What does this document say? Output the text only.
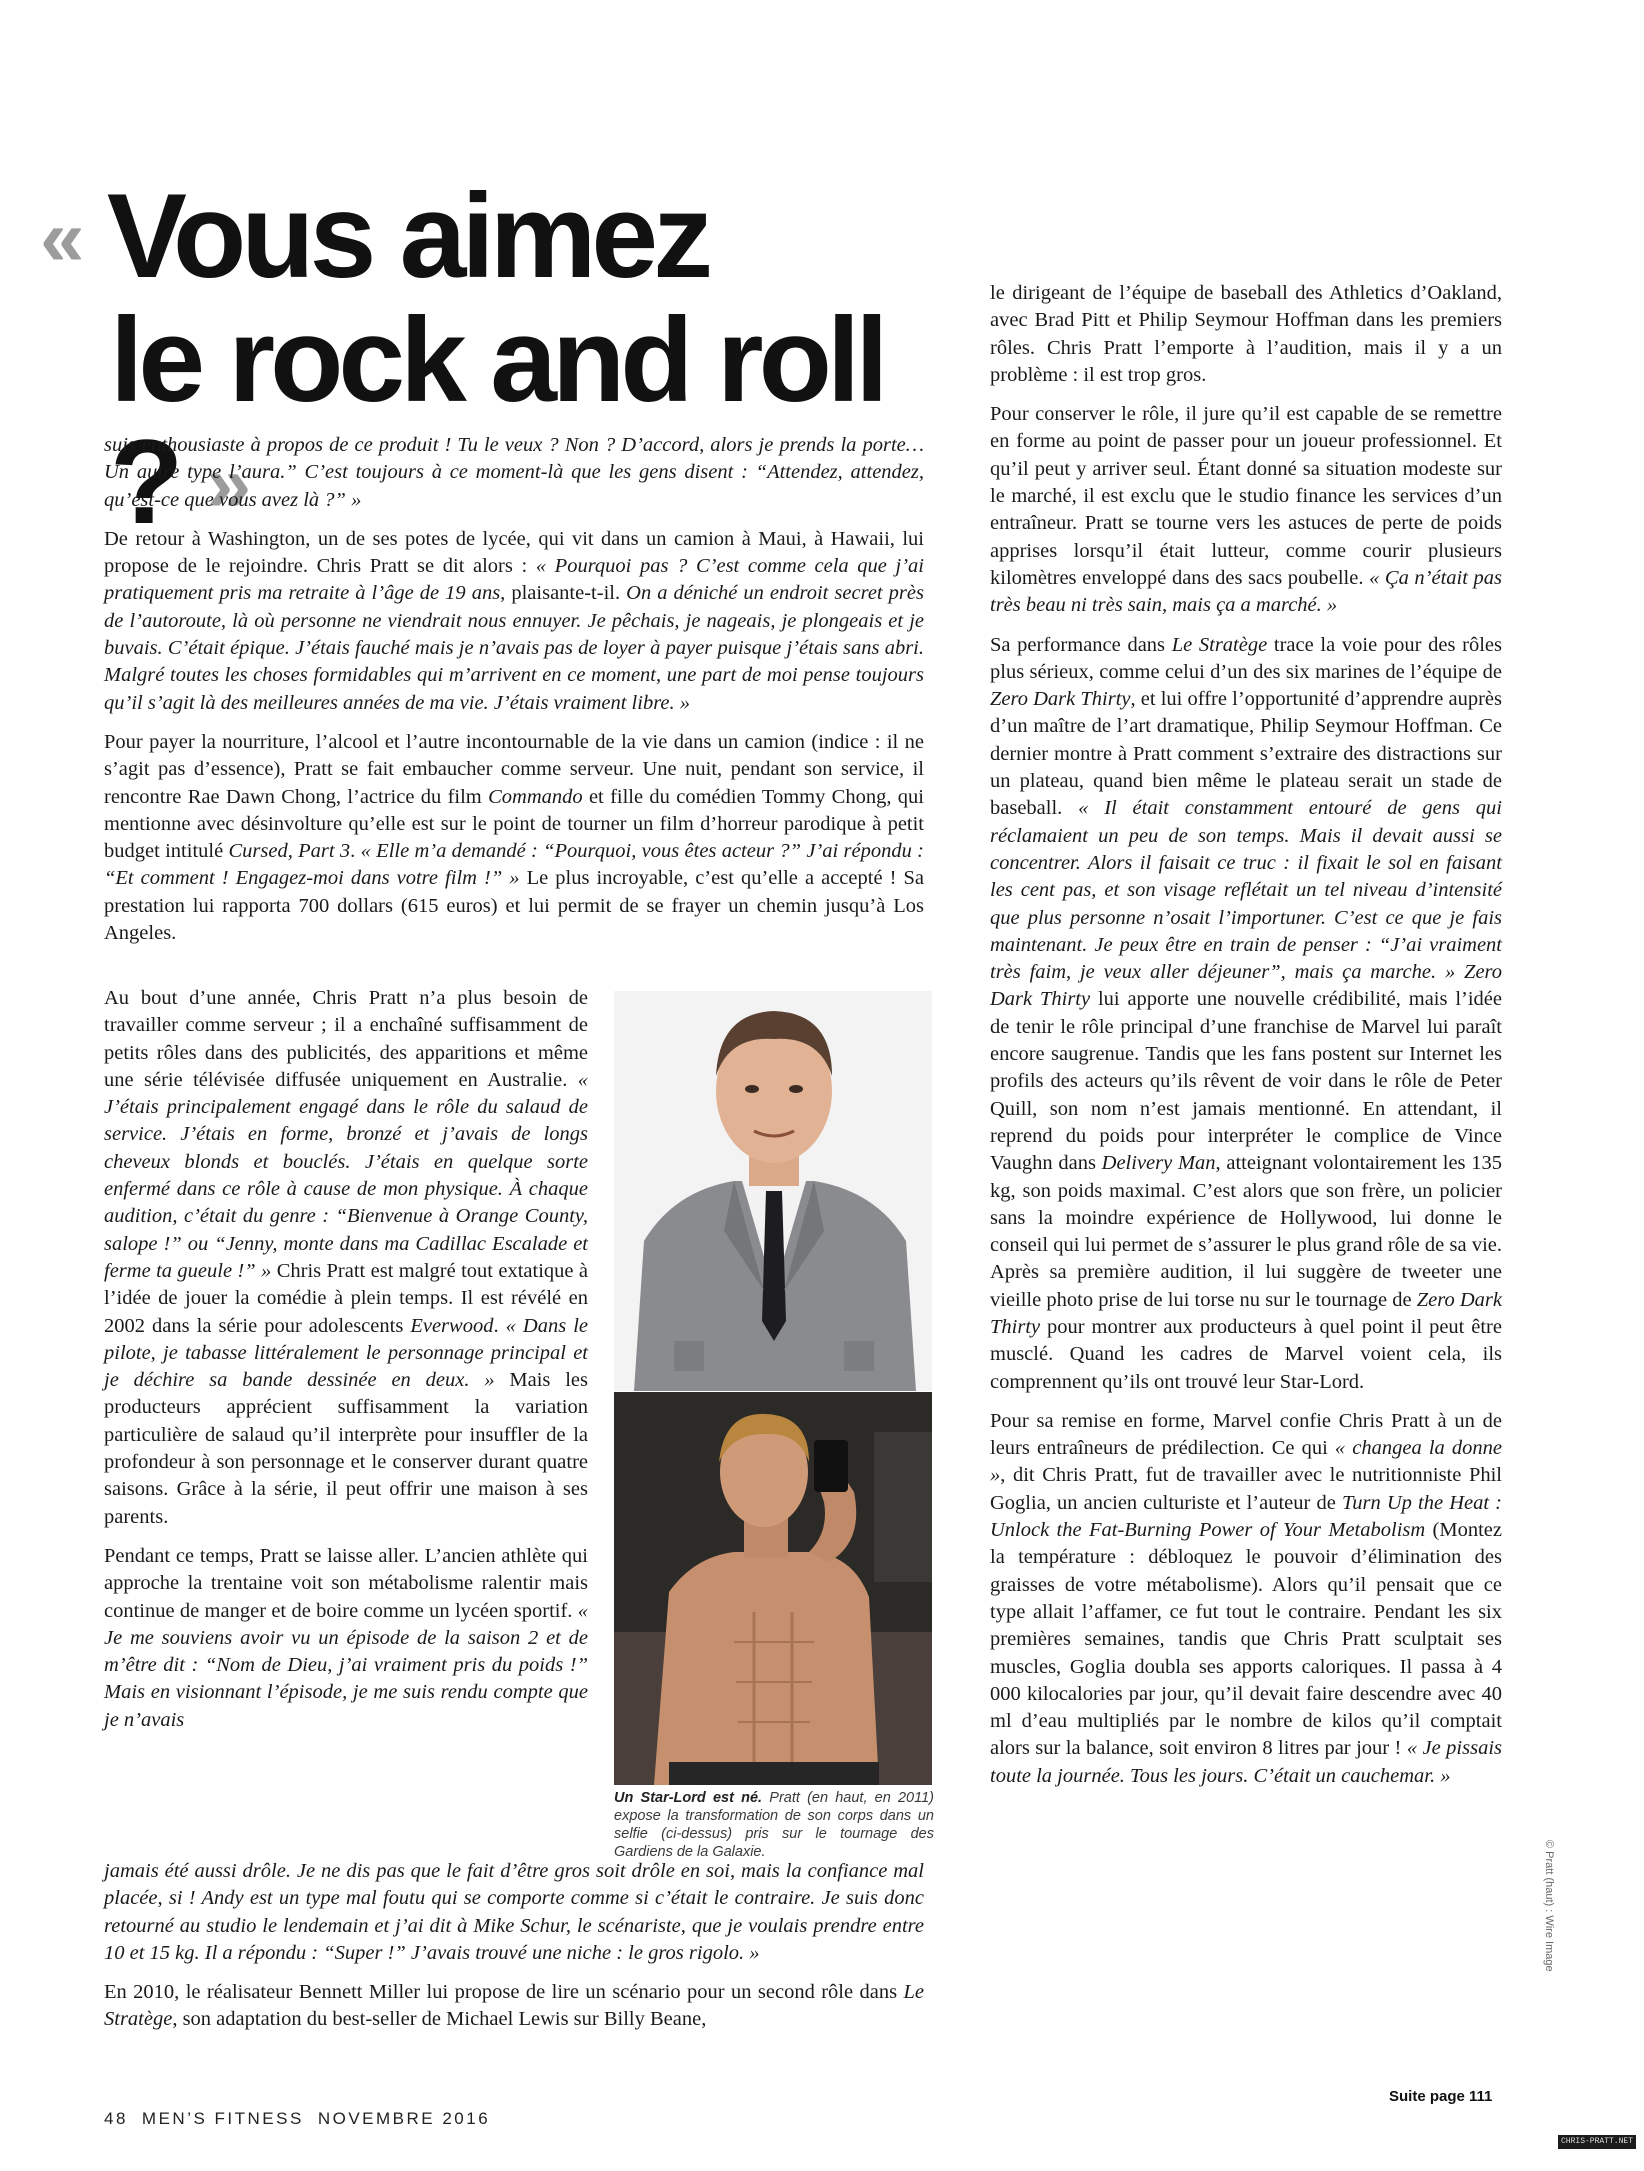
« Vous aimez
le rock and roll ? »

suis enthousiaste à propos de ce produit ! Tu le veux ? Non ? D’accord, alors je prends la porte… Un autre type l’aura.” C’est toujours à ce moment-là que les gens disent : “Attendez, attendez, qu’est-ce que vous avez là ?” »

De retour à Washington, un de ses potes de lycée, qui vit dans un camion à Maui, à Hawaii, lui propose de le rejoindre. Chris Pratt se dit alors : « Pourquoi pas ? C’est comme cela que j’ai pratiquement pris ma retraite à l’âge de 19 ans, plaisante-t-il. On a déniché un endroit secret près de l’autoroute, là où personne ne viendrait nous ennuyer. Je pêchais, je nageais, je plongeais et je buvais. C’était épique. J’étais fauché mais je n’avais pas de loyer à payer puisque j’étais sans abri. Malgré toutes les choses formidables qui m’arrivent en ce moment, une part de moi pense toujours qu’il s’agit là des meilleures années de ma vie. J’étais vraiment libre. »

Pour payer la nourriture, l’alcool et l’autre incontournable de la vie dans un camion (indice : il ne s’agit pas d’essence), Pratt se fait embaucher comme serveur. Une nuit, pendant son service, il rencontre Rae Dawn Chong, l’actrice du film Commando et fille du comédien Tommy Chong, qui mentionne avec désinvolture qu’elle est sur le point de tourner un film d’horreur parodique à petit budget intitulé Cursed, Part 3. « Elle m’a demandé : “Pourquoi, vous êtes acteur ?” J’ai répondu : “Et comment ! Engagez-moi dans votre film !” » Le plus incroyable, c’est qu’elle a accepté ! Sa prestation lui rapporta 700 dollars (615 euros) et lui permit de se frayer un chemin jusqu’à Los Angeles.

Au bout d’une année, Chris Pratt n’a plus besoin de travailler comme serveur ; il a enchaîné suffisamment de petits rôles dans des publicités, des apparitions et même une série télévisée diffusée uniquement en Australie. « J’étais principalement engagé dans le rôle du salaud de service. J’étais en forme, bronzé et j’avais de longs cheveux blonds et bouclés. J’étais en quelque sorte enfermé dans ce rôle à cause de mon physique. À chaque audition, c’était du genre : “Bienvenue à Orange County, salope !” ou “Jenny, monte dans ma Cadillac Escalade et ferme ta gueule !” » Chris Pratt est malgré tout extatique à l’idée de jouer la comédie à plein temps. Il est révélé en 2002 dans la série pour adolescents Everwood. « Dans le pilote, je tabasse littéralement le personnage principal et je déchire sa bande dessinée en deux. » Mais les producteurs apprécient suffisamment la variation particulière de salaud qu’il interprète pour insuffler de la profondeur à son personnage et le conserver durant quatre saisons. Grâce à la série, il peut offrir une maison à ses parents.

Pendant ce temps, Pratt se laisse aller. L’ancien athlète qui approche la trentaine voit son métabolisme ralentir mais continue de manger et de boire comme un lycéen sportif. « Je me souviens avoir vu un épisode de la saison 2 et de m’être dit : “Nom de Dieu, j’ai vraiment pris du poids !” Mais en visionnant l’épisode, je me suis rendu compte que je n’avais

jamais été aussi drôle. Je ne dis pas que le fait d’être gros soit drôle en soi, mais la confiance mal placée, si ! Andy est un type mal foutu qui se comporte comme si c’était le contraire. Je suis donc retourné au studio le lendemain et j’ai dit à Mike Schur, le scénariste, que je voulais prendre entre 10 et 15 kg. Il a répondu : “Super !” J’avais trouvé une niche : le gros rigolo. »

En 2010, le réalisateur Bennett Miller lui propose de lire un scénario pour un second rôle dans Le Stratège, son adaptation du best-seller de Michael Lewis sur Billy Beane,

le dirigeant de l’équipe de baseball des Athletics d’Oakland, avec Brad Pitt et Philip Seymour Hoffman dans les premiers rôles. Chris Pratt l’emporte à l’audition, mais il y a un problème : il est trop gros.

Pour conserver le rôle, il jure qu’il est capable de se remettre en forme au point de passer pour un joueur professionnel. Et qu’il peut y arriver seul. Étant donné sa situation modeste sur le marché, il est exclu que le studio finance les services d’un entraîneur. Pratt se tourne vers les astuces de perte de poids apprises lorsqu’il était lutteur, comme courir plusieurs kilomètres enveloppé dans des sacs poubelle. « Ça n’était pas très beau ni très sain, mais ça a marché. »

Sa performance dans Le Stratège trace la voie pour des rôles plus sérieux, comme celui d’un des six marines de l’équipe de Zero Dark Thirty, et lui offre l’opportunité d’apprendre auprès d’un maître de l’art dramatique, Philip Seymour Hoffman. Ce dernier montre à Pratt comment s’extraire des distractions sur un plateau, quand bien même le plateau serait un stade de baseball. « Il était constamment entouré de gens qui réclamaient un peu de son temps. Mais il devait aussi se concentrer. Alors il faisait ce truc : il fixait le sol en faisant les cent pas, et son visage reflétait un tel niveau d’intensité que plus personne n’osait l’importuner. C’est ce que je fais maintenant. Je peux être en train de penser : “J’ai vraiment très faim, je veux aller déjeuner”, mais ça marche. » Zero Dark Thirty lui apporte une nouvelle crédibilité, mais l’idée de tenir le rôle principal d’une franchise de Marvel lui paraît encore saugrenue. Tandis que les fans postent sur Internet les profils des acteurs qu’ils rêvent de voir dans le rôle de Peter Quill, son nom n’est jamais mentionné. En attendant, il reprend du poids pour interpréter le complice de Vince Vaughn dans Delivery Man, atteignant volontairement les 135 kg, son poids maximal. C’est alors que son frère, un policier sans la moindre expérience de Hollywood, lui donne le conseil qui lui permet de s’assurer le plus grand rôle de sa vie. Après sa première audition, il lui suggère de tweeter une vieille photo prise de lui torse nu sur le tournage de Zero Dark Thirty pour montrer aux producteurs à quel point il peut être musclé. Quand les cadres de Marvel voient cela, ils comprennent qu’ils ont trouvé leur Star-Lord.

Pour sa remise en forme, Marvel confie Chris Pratt à un de leurs entraîneurs de prédilection. Ce qui « changea la donne », dit Chris Pratt, fut de travailler avec le nutritionniste Phil Goglia, un ancien culturiste et l’auteur de Turn Up the Heat : Unlock the Fat-Burning Power of Your Metabolism (Montez la température : débloquez le pouvoir d’élimination des graisses de votre métabolisme). Alors qu’il pensait que ce type allait l’affamer, ce fut tout le contraire. Pendant les six premières semaines, tandis que Chris Pratt sculptait ses muscles, Goglia doubla ses apports caloriques. Il passa à 4 000 kilocalories par jour, qu’il devait faire descendre avec 40 ml d’eau multipliés par le nombre de kilos qu’il comptait alors sur la balance, soit environ 8 litres par jour ! « Je pissais toute la journée. Tous les jours. C’était un cauchemar. »

Un Star-Lord est né. Pratt (en haut, en 2011) expose la transformation de son corps dans un selfie (ci-dessus) pris sur le tournage des Gardiens de la Galaxie.
48 MEN’S FITNESS NOVEMBRE 2016
Suite page 111
© Pratt (haut) : Wire Image
CHRIS-PRATT.NET
